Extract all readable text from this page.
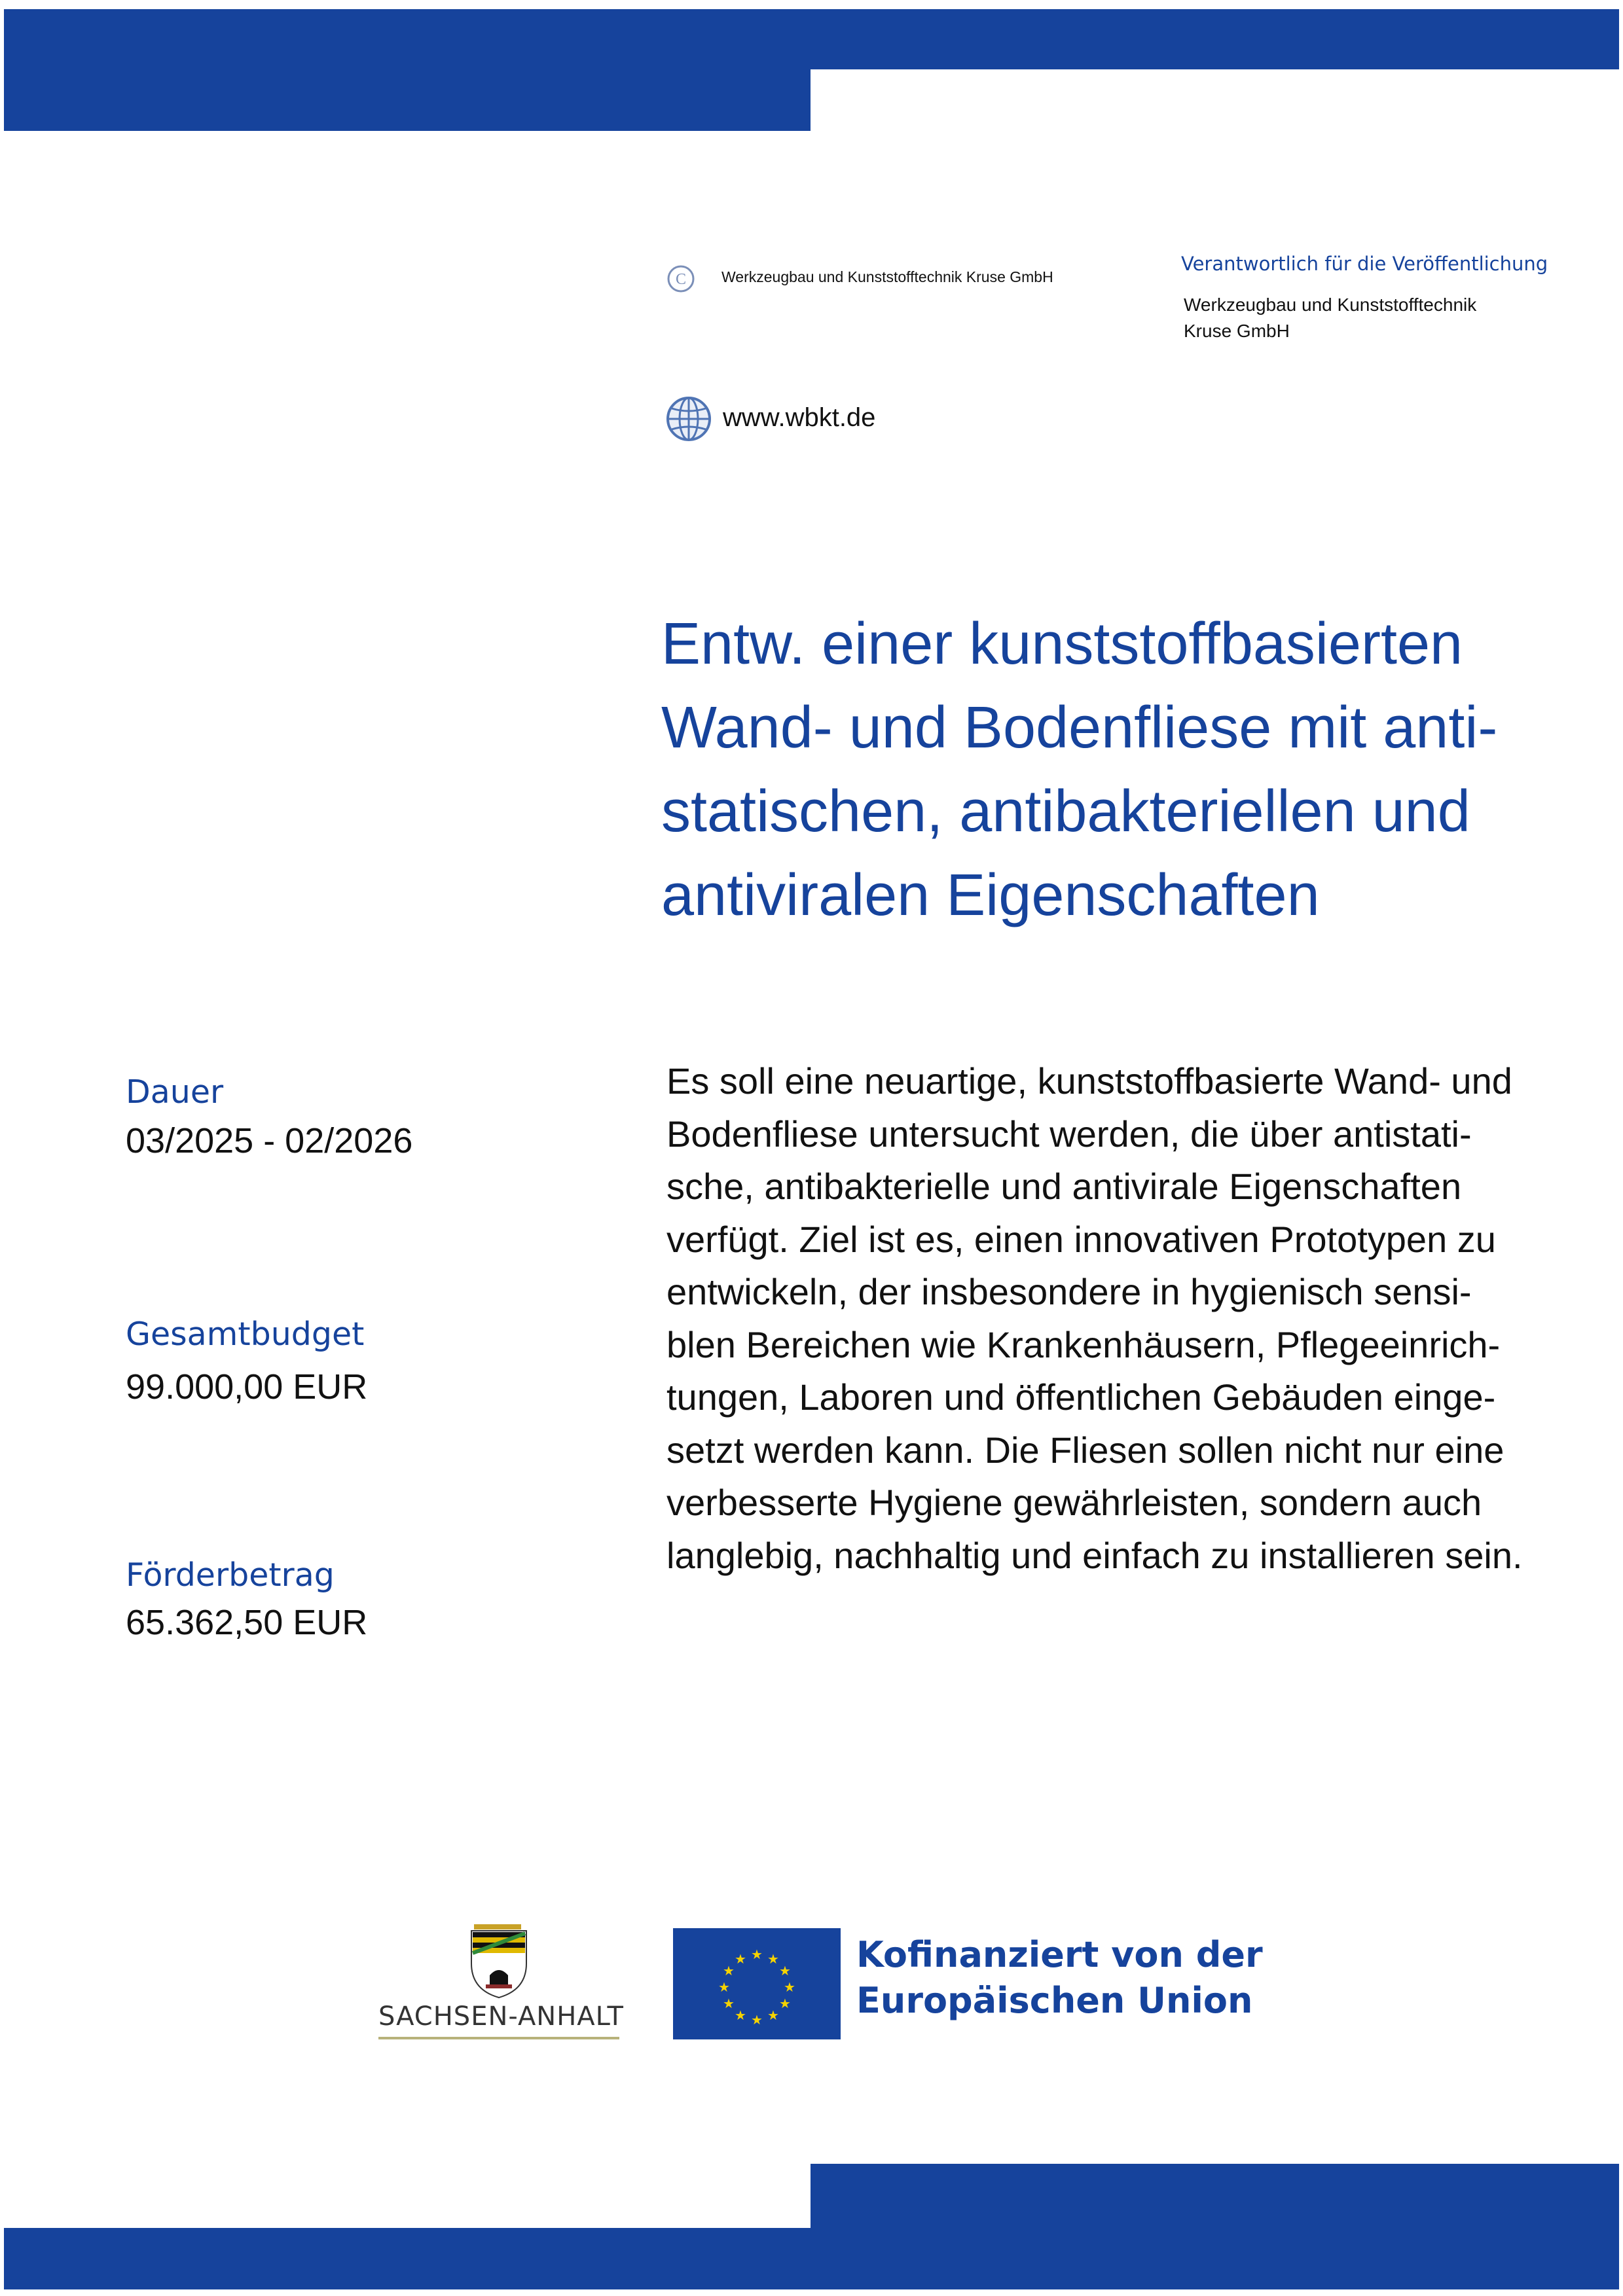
C Werkzeugbau und Kunststofftechnik Kruse GmbH
Verantwortlich für die Veröffentlichung
Werkzeugbau und Kunststofftechnik
Kruse GmbH
www.wbkt.de
Entw. einer kunststoffbasierten
Wand- und Bodenfliese mit anti-
statischen, antibakteriellen und
antiviralen Eigenschaften
Dauer
03/2025 - 02/2026
Gesamtbudget
99.000,00 EUR
Förderbetrag
65.362,50 EUR
Es soll eine neuartige, kunststoffbasierte Wand- und
Bodenfliese untersucht werden, die über antistati-
sche, antibakterielle und antivirale Eigenschaften
verfügt. Ziel ist es, einen innovativen Prototypen zu
entwickeln, der insbesondere in hygienisch sensi-
blen Bereichen wie Krankenhäusern, Pflegeeinrich-
tungen, Laboren und öffentlichen Gebäuden einge-
setzt werden kann. Die Fliesen sollen nicht nur eine
verbesserte Hygiene gewährleisten, sondern auch
langlebig, nachhaltig und einfach zu installieren sein.
SACHSEN-ANHALT
★ ★
★
★
★
★
★
★
★
★
★
★	Kofinanziert von der
Europäischen Union
